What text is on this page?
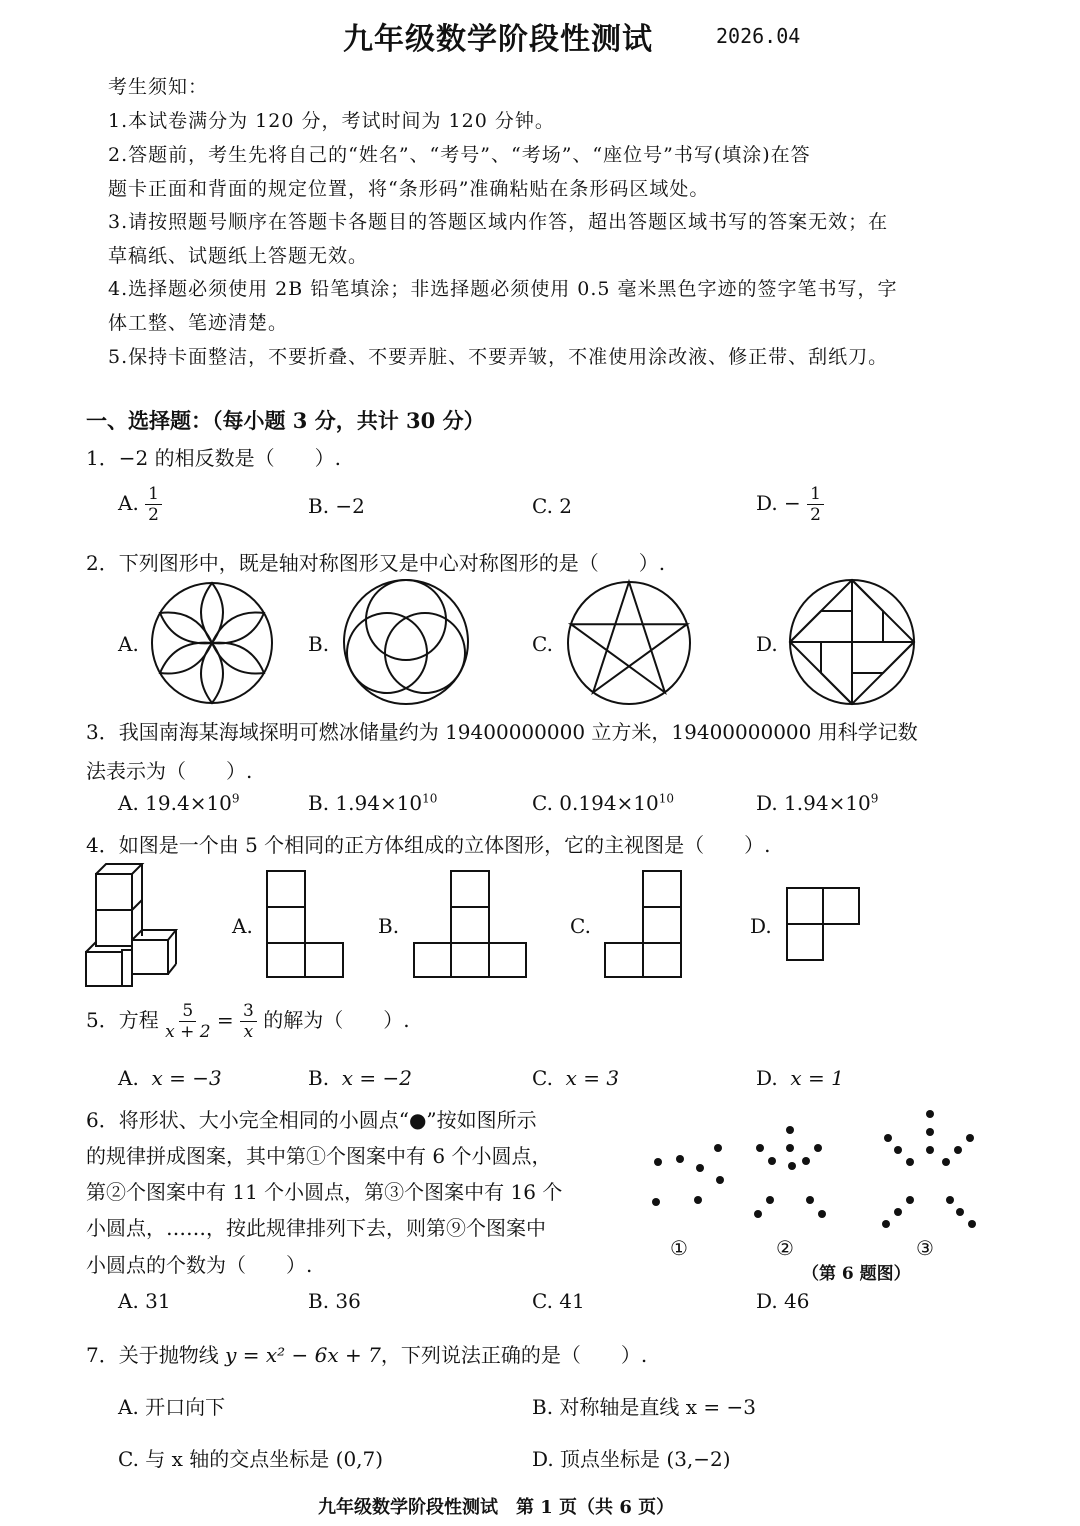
九年级数学阶段性测试	2026.04
考生须知：
1.本试卷满分为 120 分，考试时间为 120 分钟。
2.答题前，考生先将自己的“姓名”、“考号”、“考场”、“座位号”书写(填涂)在答
题卡正面和背面的规定位置，将“条形码”准确粘贴在条形码区域处。
3.请按照题号顺序在答题卡各题目的答题区域内作答，超出答题区域书写的答案无效；在
草稿纸、试题纸上答题无效。
4.选择题必须使用 2B 铅笔填涂；非选择题必须使用 0.5 毫米黑色字迹的签字笔书写，字
体工整、笔迹清楚。
5.保持卡面整洁，不要折叠、不要弄脏、不要弄皱，不准使用涂改液、修正带、刮纸刀。
一、选择题：（每小题 3 分，共计 30 分）
1．−2 的相反数是（　　）.
A. $\frac{1}{2}$	B. −2	C. 2	D. − $\frac{1}{2}$
2．下列图形中，既是轴对称图形又是中心对称图形的是（　　）.
A.	B.	C.	D.
3．我国南海某海域探明可燃冰储量约为 19400000000 立方米，19400000000 用科学记数
法表示为（　　）.
A. $19.4\times 10^9$	B. $1.94\times 10^{10}$	C. $0.194\times 10^{10}$	D. $1.94\times 10^9$
4．如图是一个由 5 个相同的正方体组成的立体图形，它的主视图是（　　）.
A.	B.	C.	D.
5．方程 $\frac{5}{x + 2} = \frac{3}{x}$ 的解为（　　）.
A. x = −3	B. x = −2	C. x = 3	D. x = 1
6．将形状、大小完全相同的小圆点“●”按如图所示
的规律拼成图案，其中第①个图案中有 6 个小圆点，
第②个图案中有 11 个小圆点，第③个图案中有 16 个
小圆点，……，按此规律排列下去，则第⑨个图案中
小圆点的个数为（　　）.
①	②	③
（第 6 题图）
A. 31	B. 36	C. 41	D. 46
7．关于抛物线 y = x² − 6x + 7，下列说法正确的是（　　）.
A. 开口向下	B. 对称轴是直线 x = −3
C. 与 x 轴的交点坐标是 (0,7)	D. 顶点坐标是 (3,−2)
九年级数学阶段性测试　第 1 页（共 6 页）
